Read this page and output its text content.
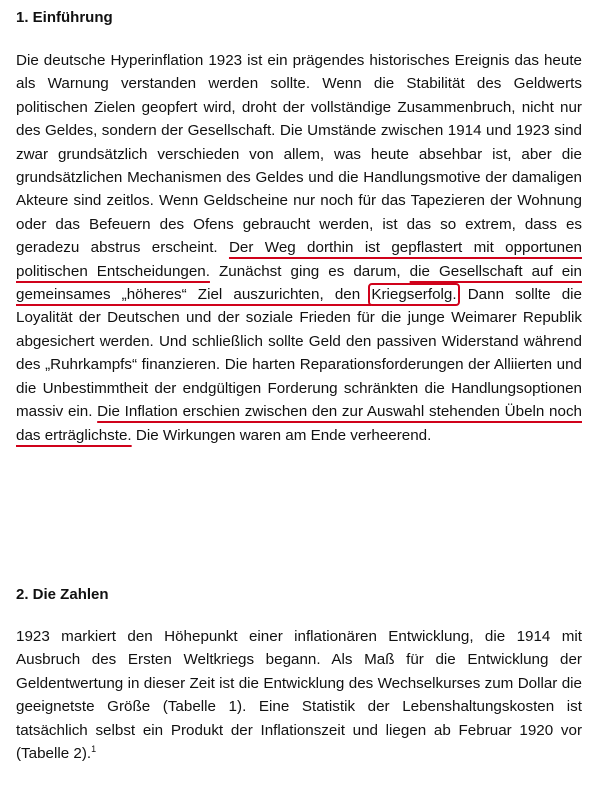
1. Einführung

Die deutsche Hyperinflation 1923 ist ein prägendes historisches Ereignis das heute als Warnung verstanden werden sollte. Wenn die Stabilität des Geldwerts politischen Zielen geopfert wird, droht der vollständige Zusammenbruch, nicht nur des Geldes, sondern der Gesellschaft. Die Umstände zwischen 1914 und 1923 sind zwar grundsätzlich verschieden von allem, was heute absehbar ist, aber die grundsätzlichen Mechanismen des Geldes und die Handlungsmotive der damaligen Akteure sind zeitlos. Wenn Geldscheine nur noch für das Tapezieren der Wohnung oder das Befeuern des Ofens gebraucht werden, ist das so extrem, dass es geradezu abstrus erscheint. Der Weg dorthin ist gepflastert mit opportunen politischen Entscheidungen. Zunächst ging es darum, die Gesellschaft auf ein gemeinsames „höheres“ Ziel auszurichten, den Kriegserfolg. Dann sollte die Loyalität der Deutschen und der soziale Frieden für die junge Weimarer Republik abgesichert werden. Und schließlich sollte Geld den passiven Widerstand während des „Ruhrkampfs“ finanzieren. Die harten Reparationsforderungen der Alliierten und die Unbestimmtheit der endgültigen Forderung schränkten die Handlungsoptionen massiv ein. Die Inflation erschien zwischen den zur Auswahl stehenden Übeln noch das erträglichste. Die Wirkungen waren am Ende verheerend.

2. Die Zahlen

1923 markiert den Höhepunkt einer inflationären Entwicklung, die 1914 mit Ausbruch des Ersten Weltkriegs begann. Als Maß für die Entwicklung der Geldentwertung in dieser Zeit ist die Entwicklung des Wechselkurses zum Dollar die geeignetste Größe (Tabelle 1). Eine Statistik der Lebenshaltungskosten ist tatsächlich selbst ein Produkt der Inflationszeit und liegen ab Februar 1920 vor (Tabelle 2).$^1$
